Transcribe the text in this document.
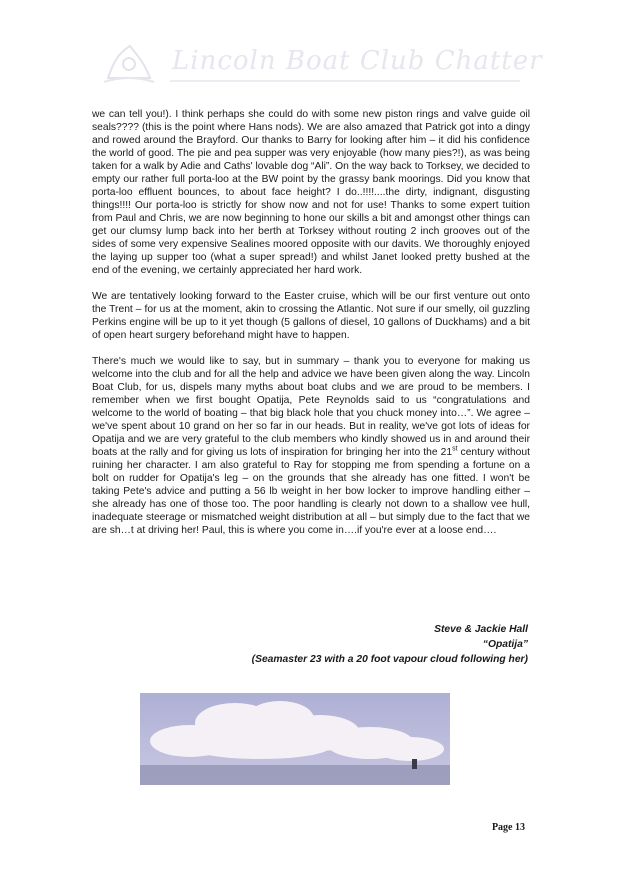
Lincoln Boat Club Chatter

we can tell you!). I think perhaps she could do with some new piston rings and valve guide oil seals???? (this is the point where Hans nods). We are also amazed that Patrick got into a dingy and rowed around the Brayford. Our thanks to Barry for looking after him – it did his confidence the world of good. The pie and pea supper was very enjoyable (how many pies?!), as was being taken for a walk by Adie and Caths' lovable dog “Ali”. On the way back to Torksey, we decided to empty our rather full porta-loo at the BW point by the grassy bank moorings. Did you know that porta-loo effluent bounces, to about face height? I do..!!!!....the dirty, indignant, disgusting things!!!! Our porta-loo is strictly for show now and not for use! Thanks to some expert tuition from Paul and Chris, we are now beginning to hone our skills a bit and amongst other things can get our clumsy lump back into her berth at Torksey without routing 2 inch grooves out of the sides of some very expensive Sealines moored opposite with our davits. We thoroughly enjoyed the laying up supper too (what a super spread!) and whilst Janet looked pretty bushed at the end of the evening, we certainly appreciated her hard work.

We are tentatively looking forward to the Easter cruise, which will be our first venture out onto the Trent – for us at the moment, akin to crossing the Atlantic. Not sure if our smelly, oil guzzling Perkins engine will be up to it yet though (5 gallons of diesel, 10 gallons of Duckhams) and a bit of open heart surgery beforehand might have to happen.

There's much we would like to say, but in summary – thank you to everyone for making us welcome into the club and for all the help and advice we have been given along the way. Lincoln Boat Club, for us, dispels many myths about boat clubs and we are proud to be members. I remember when we first bought Opatija, Pete Reynolds said to us “congratulations and welcome to the world of boating – that big black hole that you chuck money into…”. We agree – we've spent about 10 grand on her so far in our heads. But in reality, we've got lots of ideas for Opatija and we are very grateful to the club members who kindly showed us in and around their boats at the rally and for giving us lots of inspiration for bringing her into the 21st century without ruining her character. I am also grateful to Ray for stopping me from spending a fortune on a bolt on rudder for Opatija's leg – on the grounds that she already has one fitted. I won't be taking Pete's advice and putting a 56 lb weight in her bow locker to improve handling either – she already has one of those too. The poor handling is clearly not down to a shallow vee hull, inadequate steerage or mismatched weight distribution at all – but simply due to the fact that we are sh…t at driving her! Paul, this is where you come in….if you're ever at a loose end….

Steve & Jackie Hall
“Opatija”
(Seamaster 23 with a 20 foot vapour cloud following her)
Page 13
